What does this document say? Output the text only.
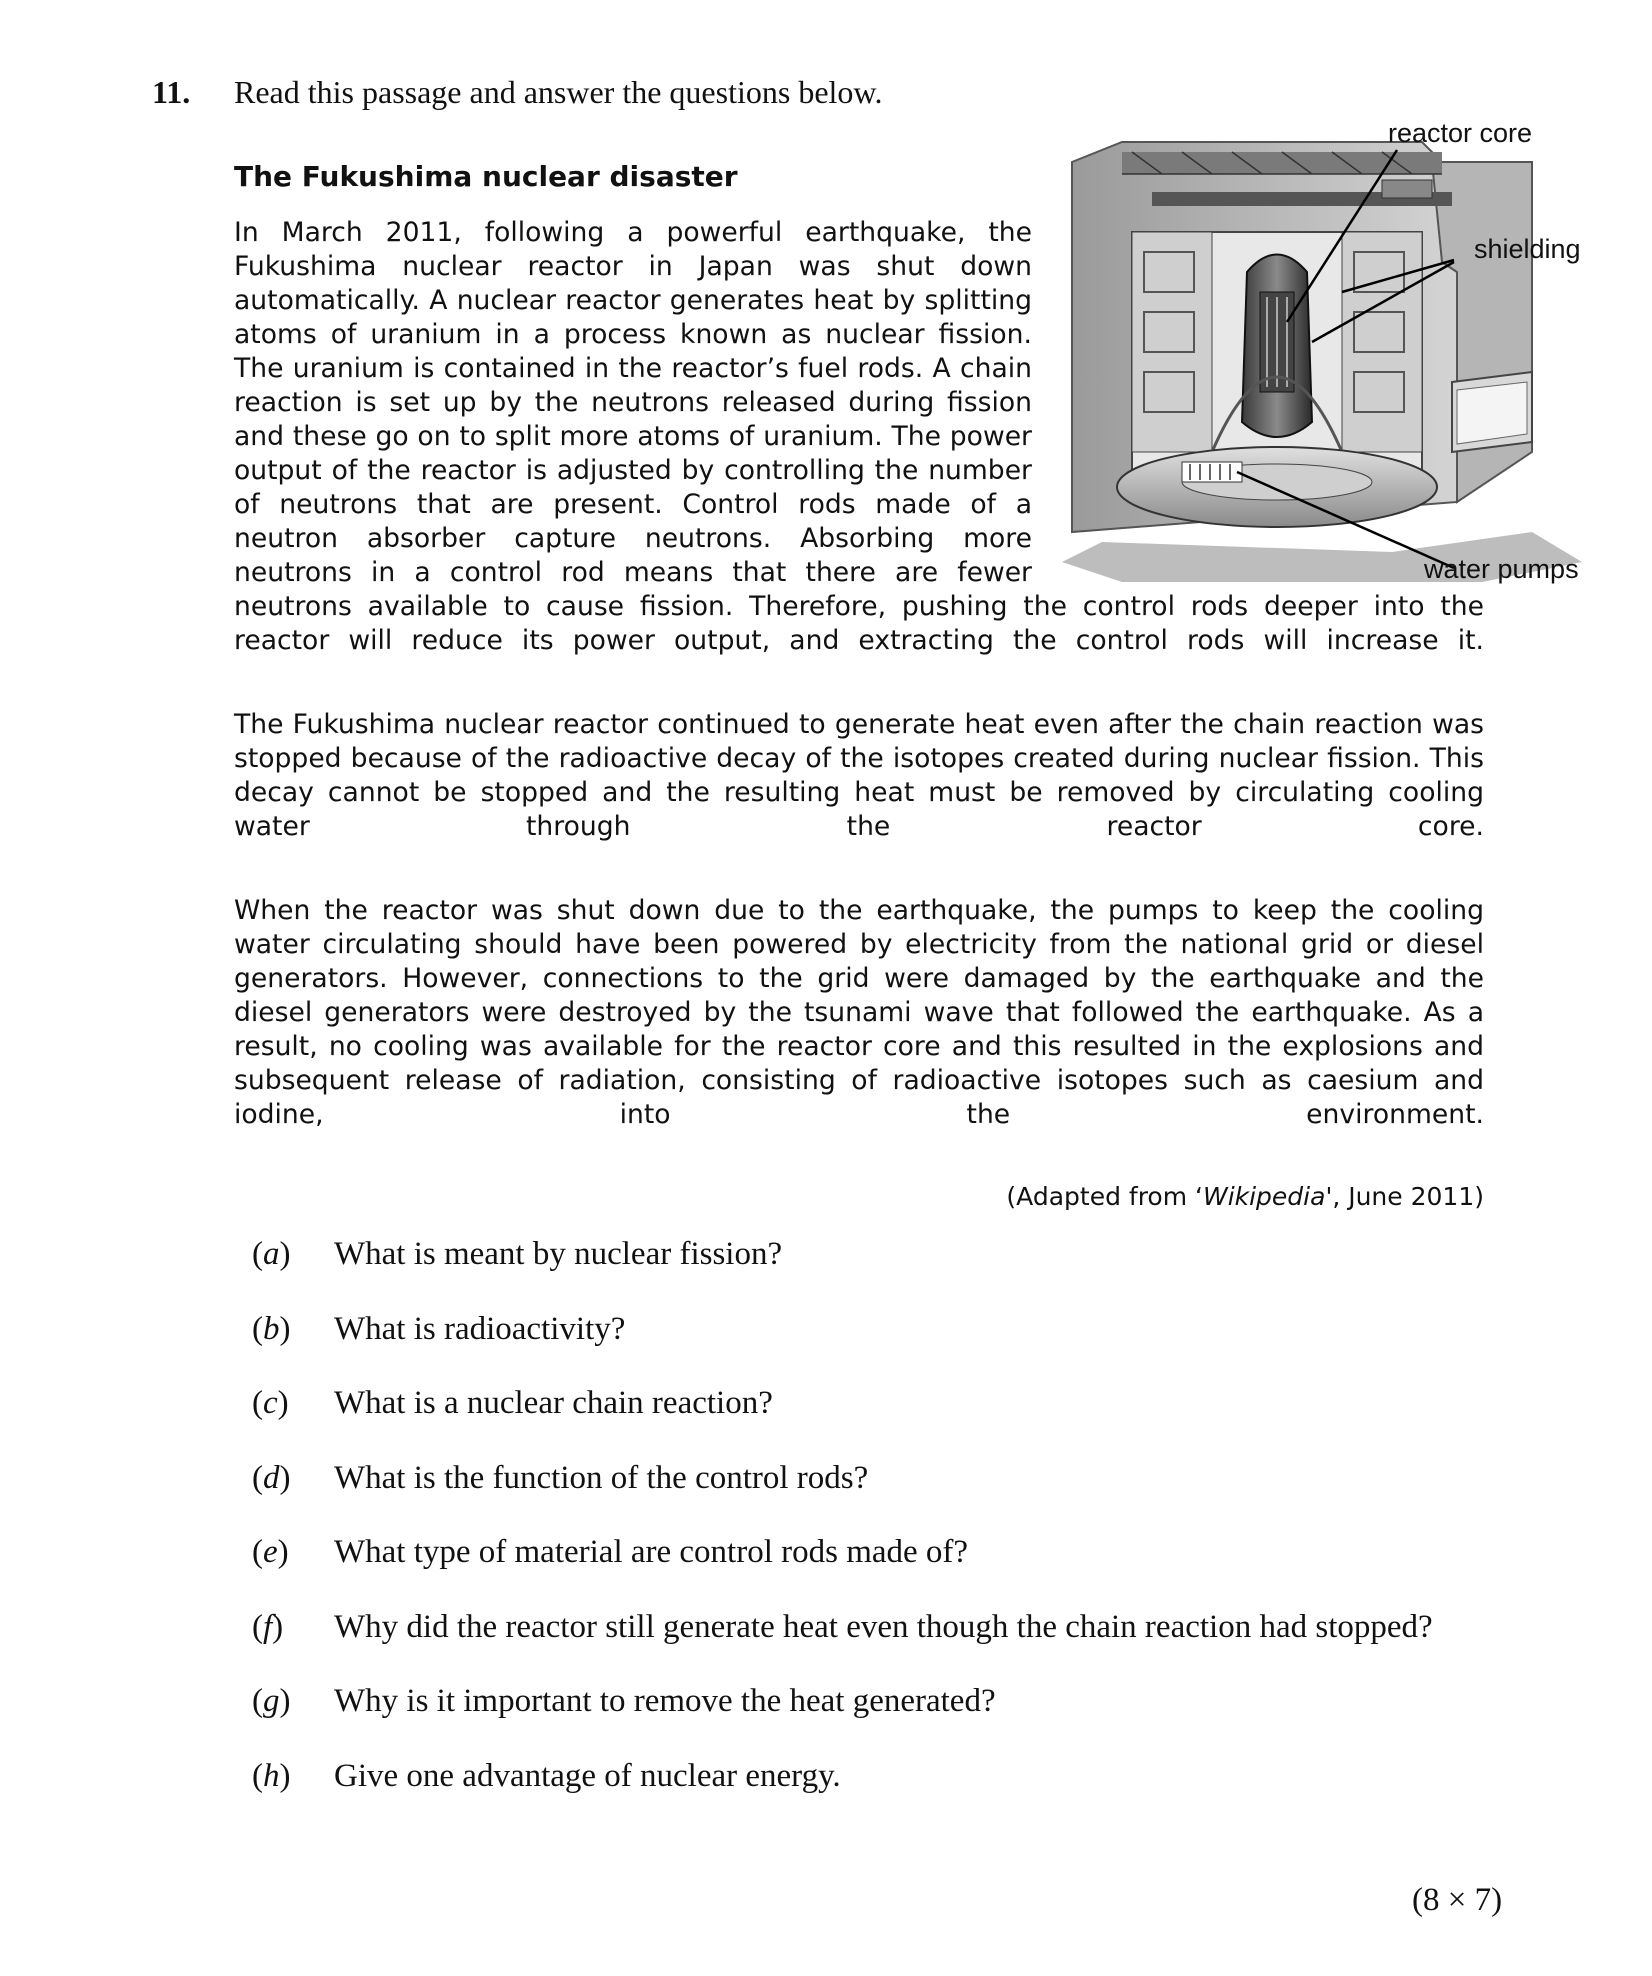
11. Read this passage and answer the questions below.
reactor core
shielding
water pumps
The Fukushima nuclear disaster

In March 2011, following a powerful earthquake, the Fukushima nuclear reactor in Japan was shut down automatically. A nuclear reactor generates heat by splitting atoms of uranium in a process known as nuclear fission. The uranium is contained in the reactor’s fuel rods. A chain reaction is set up by the neutrons released during fission and these go on to split more atoms of uranium. The power output of the reactor is adjusted by controlling the number of neutrons that are present. Control rods made of a neutron absorber capture neutrons. Absorbing more neutrons in a control rod means that there are fewer neutrons available to cause fission. Therefore, pushing the control rods deeper into the reactor will reduce its power output, and extracting the control rods will increase it.

The Fukushima nuclear reactor continued to generate heat even after the chain reaction was stopped because of the radioactive decay of the isotopes created during nuclear fission. This decay cannot be stopped and the resulting heat must be removed by circulating cooling water through the reactor core.

When the reactor was shut down due to the earthquake, the pumps to keep the cooling water circulating should have been powered by electricity from the national grid or diesel generators. However, connections to the grid were damaged by the earthquake and the diesel generators were destroyed by the tsunami wave that followed the earthquake. As a result, no cooling was available for the reactor core and this resulted in the explosions and subsequent release of radiation, consisting of radioactive isotopes such as caesium and iodine, into the environment.

(Adapted from ‘Wikipedia', June 2011)
(a)	What is meant by nuclear fission?
(b)	What is radioactivity?
(c)	What is a nuclear chain reaction?
(d)	What is the function of the control rods?
(e)	What type of material are control rods made of?
(f)	Why did the reactor still generate heat even though the chain reaction had stopped?
(g)	Why is it important to remove the heat generated?
(h)	Give one advantage of nuclear energy.
(8 × 7)
